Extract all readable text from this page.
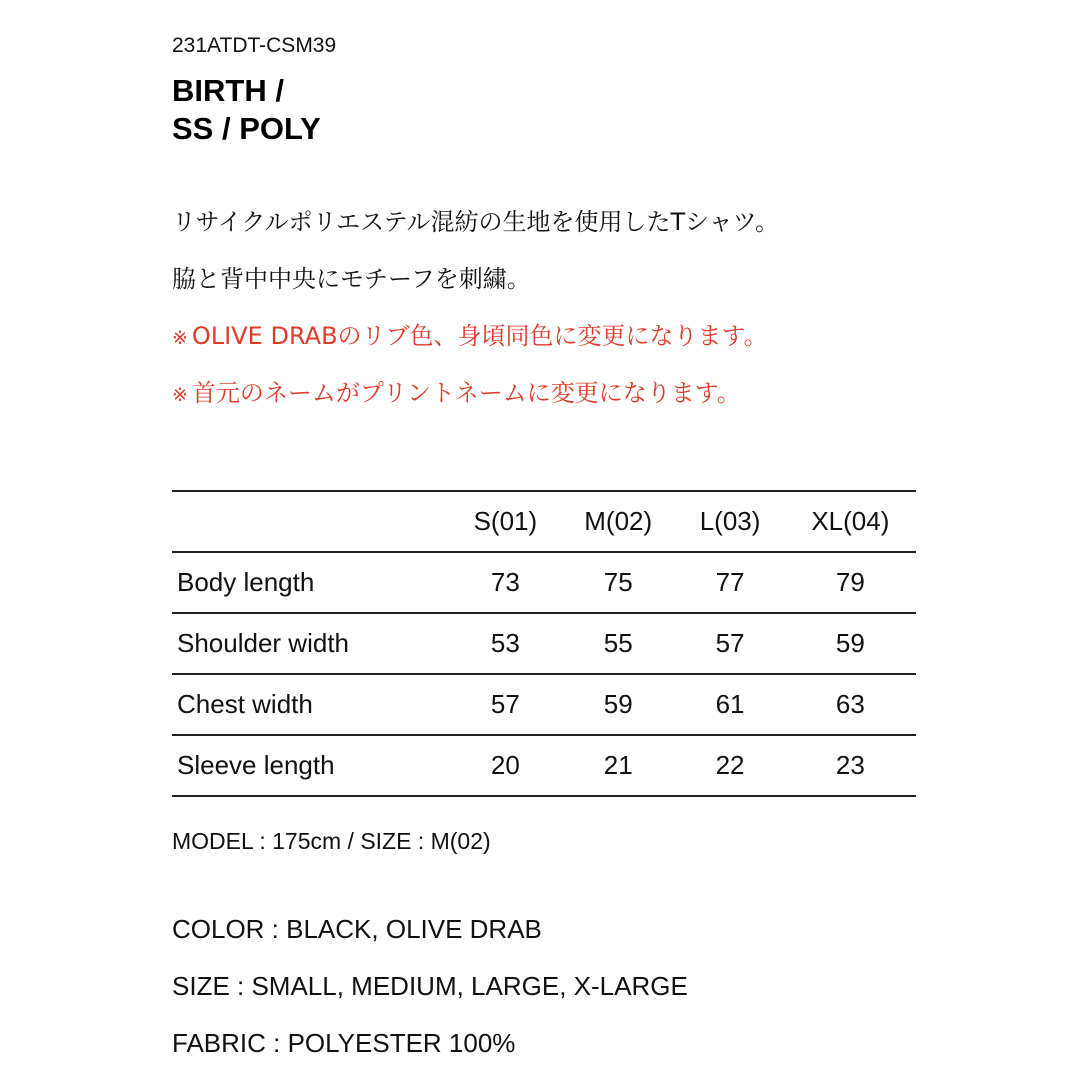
231ATDT-CSM39
BIRTH /
SS / POLY
リサイクルポリエステル混紡の生地を使用したTシャツ。
脇と背中中央にモチーフを刺繍。
※ OLIVE DRABのリブ色、身頃同色に変更になります。
※ 首元のネームがプリントネームに変更になります。
	S(01)	M(02)	L(03)	XL(04)
Body length	73	75	77	79
Shoulder width	53	55	57	59
Chest width	57	59	61	63
Sleeve length	20	21	22	23
MODEL : 175cm / SIZE : M(02)
COLOR : BLACK, OLIVE DRAB
SIZE : SMALL, MEDIUM, LARGE, X-LARGE
FABRIC : POLYESTER 100%
